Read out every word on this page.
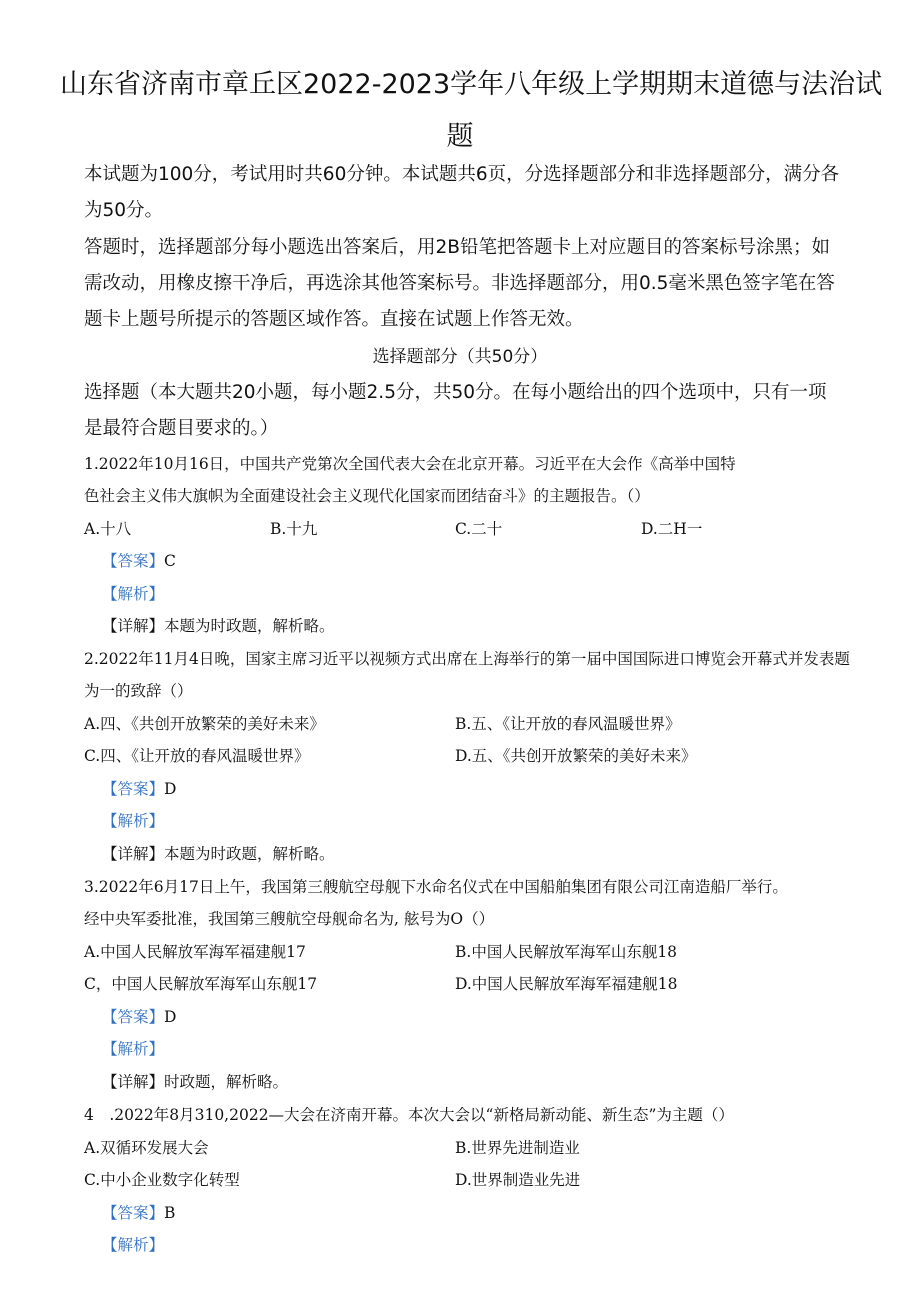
山东省济南市章丘区2022-2023学年八年级上学期期末道德与法治试
题
本试题为100分，考试用时共60分钟。本试题共6页，分选择题部分和非选择题部分，满分各
为50分。
答题时，选择题部分每小题选出答案后，用2B铅笔把答题卡上对应题目的答案标号涂黑；如
需改动，用橡皮擦干净后，再选涂其他答案标号。非选择题部分，用0.5毫米黑色签字笔在答
题卡上题号所提示的答题区域作答。直接在试题上作答无效。
选择题部分（共50分）
选择题（本大题共20小题，每小题2.5分，共50分。在每小题给出的四个选项中，只有一项
是最符合题目要求的。）
1.2022年10月16日，中国共产党第次全国代表大会在北京开幕。习近平在大会作《高举中国特
色社会主义伟大旗帜为全面建设社会主义现代化国家而团结奋斗》的主题报告。（）
A.十八	B.十九	C.二十	D.二H一
【答案】C
【解析】
【详解】本题为时政题，解析略。
2.2022年11月4日晚，国家主席习近平以视频方式出席在上海举行的第一届中国国际进口博览会开幕式并发表题
为一的致辞（）
A.四、《共创开放繁荣的美好未来》	B.五、《让开放的春风温暖世界》
C.四、《让开放的春风温暖世界》	D.五、《共创开放繁荣的美好未来》
【答案】D
【解析】
【详解】本题为时政题，解析略。
3.2022年6月17日上午，我国第三艘航空母舰下水命名仪式在中国船舶集团有限公司江南造船厂举行。
经中央军委批准，我国第三艘航空母舰命名为, 舷号为O（）
A.中国人民解放军海军福建舰17	B.中国人民解放军海军山东舰18
C，中国人民解放军海军山东舰17	D.中国人民解放军海军福建舰18
【答案】D
【解析】
【详解】时政题，解析略。
4　.2022年8月310,2022—大会在济南开幕。本次大会以“新格局新动能、新生态”为主题（）
A.双循环发展大会	B.世界先进制造业
C.中小企业数字化转型	D.世界制造业先进
【答案】B
【解析】
